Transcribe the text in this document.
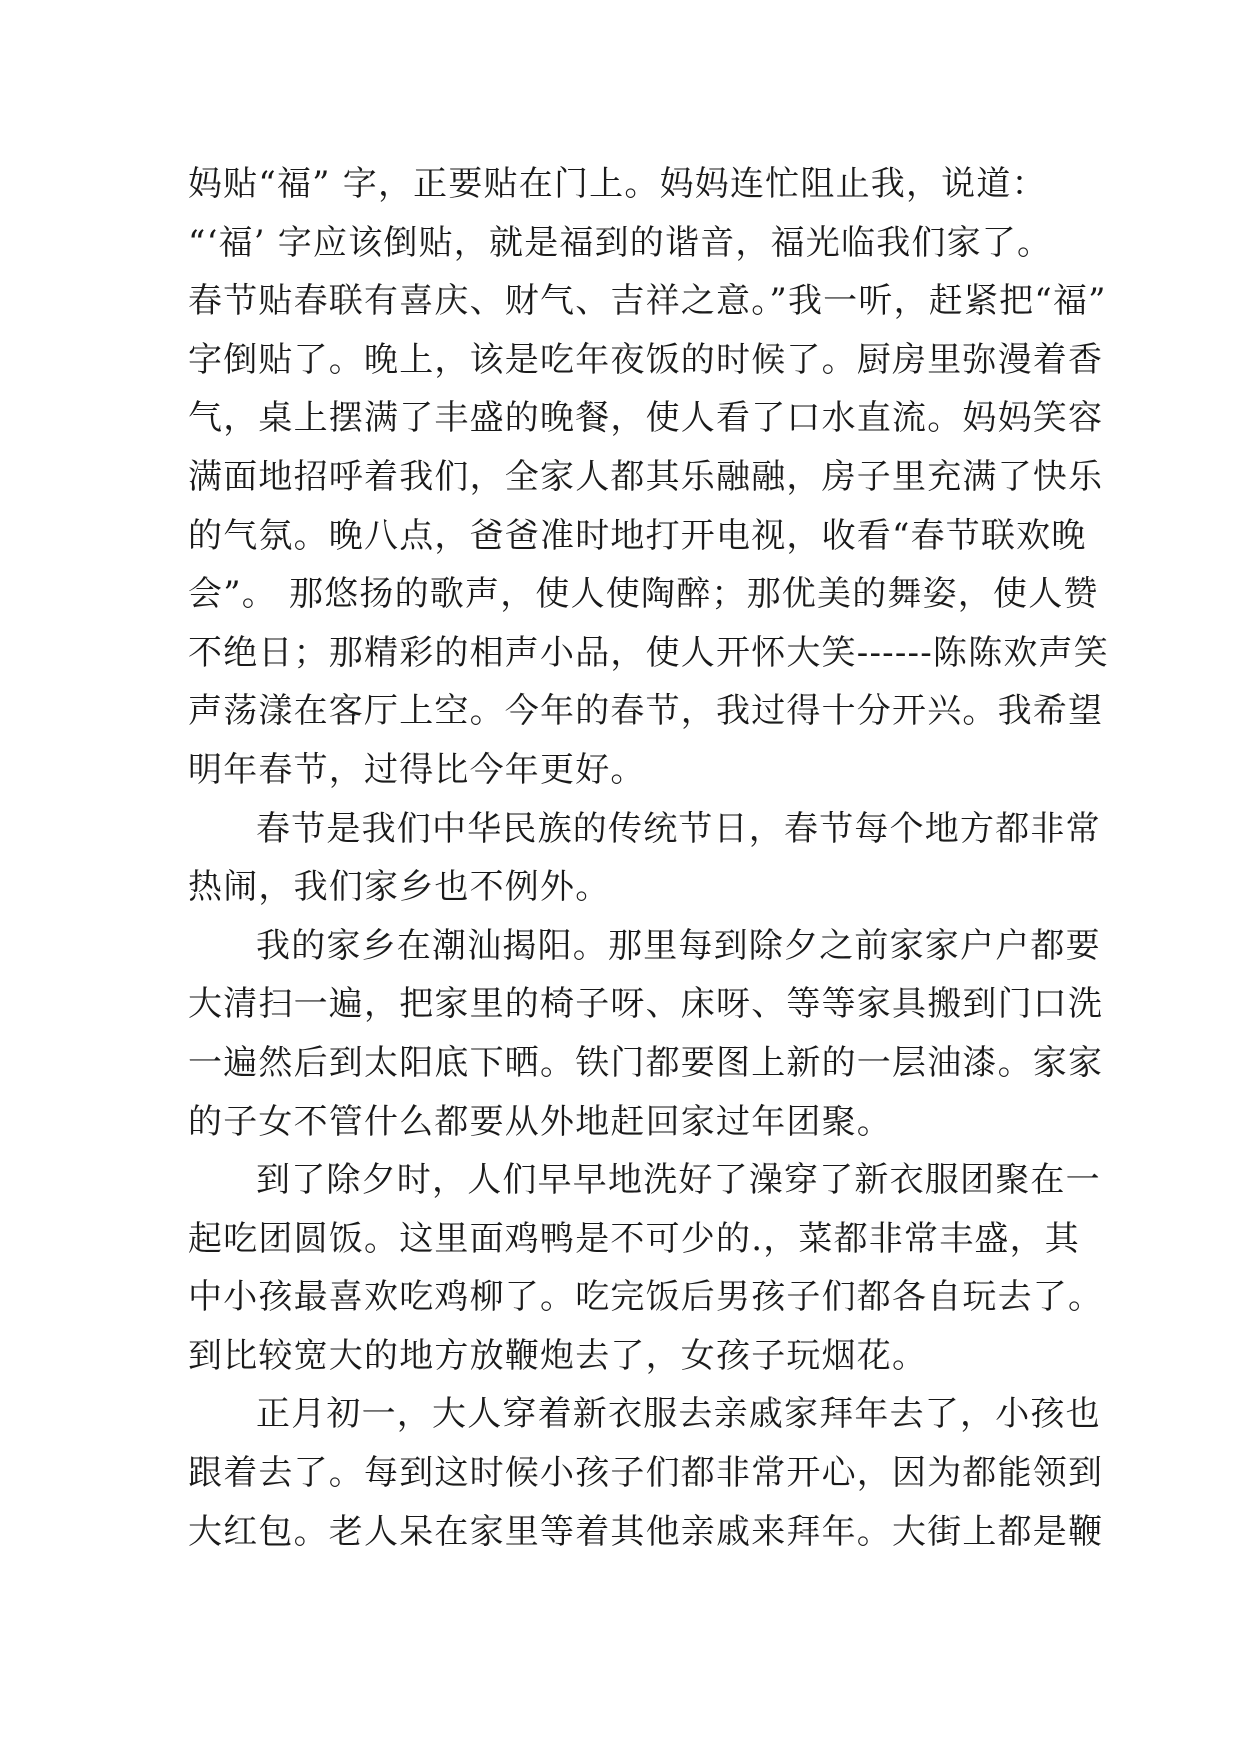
妈贴“福” 字，正要贴在门上。妈妈连忙阻止我，说道：
“‘福’ 字应该倒贴，就是福到的谐音，福光临我们家了。
春节贴春联有喜庆、财气、吉祥之意。”我一听，赶紧把“福”
字倒贴了。晚上，该是吃年夜饭的时候了。厨房里弥漫着香
气，桌上摆满了丰盛的晚餐，使人看了口水直流。妈妈笑容
满面地招呼着我们，全家人都其乐融融，房子里充满了快乐
的气氛。晚八点，爸爸准时地打开电视，收看“春节联欢晚
会”。 那悠扬的歌声，使人使陶醉；那优美的舞姿，使人赞
不绝日；那精彩的相声小品，使人开怀大笑------陈陈欢声笑
声荡漾在客厅上空。今年的春节，我过得十分开兴。我希望
明年春节，过得比今年更好。
春节是我们中华民族的传统节日，春节每个地方都非常
热闹，我们家乡也不例外。
我的家乡在潮汕揭阳。那里每到除夕之前家家户户都要
大清扫一遍，把家里的椅子呀、床呀、等等家具搬到门口洗
一遍然后到太阳底下晒。铁门都要图上新的一层油漆。家家
的子女不管什么都要从外地赶回家过年团聚。
到了除夕时，人们早早地洗好了澡穿了新衣服团聚在一
起吃团圆饭。这里面鸡鸭是不可少的.，菜都非常丰盛，其
中小孩最喜欢吃鸡柳了。吃完饭后男孩子们都各自玩去了。
到比较宽大的地方放鞭炮去了，女孩子玩烟花。
正月初一，大人穿着新衣服去亲戚家拜年去了，小孩也
跟着去了。每到这时候小孩子们都非常开心，因为都能领到
大红包。老人呆在家里等着其他亲戚来拜年。大街上都是鞭
